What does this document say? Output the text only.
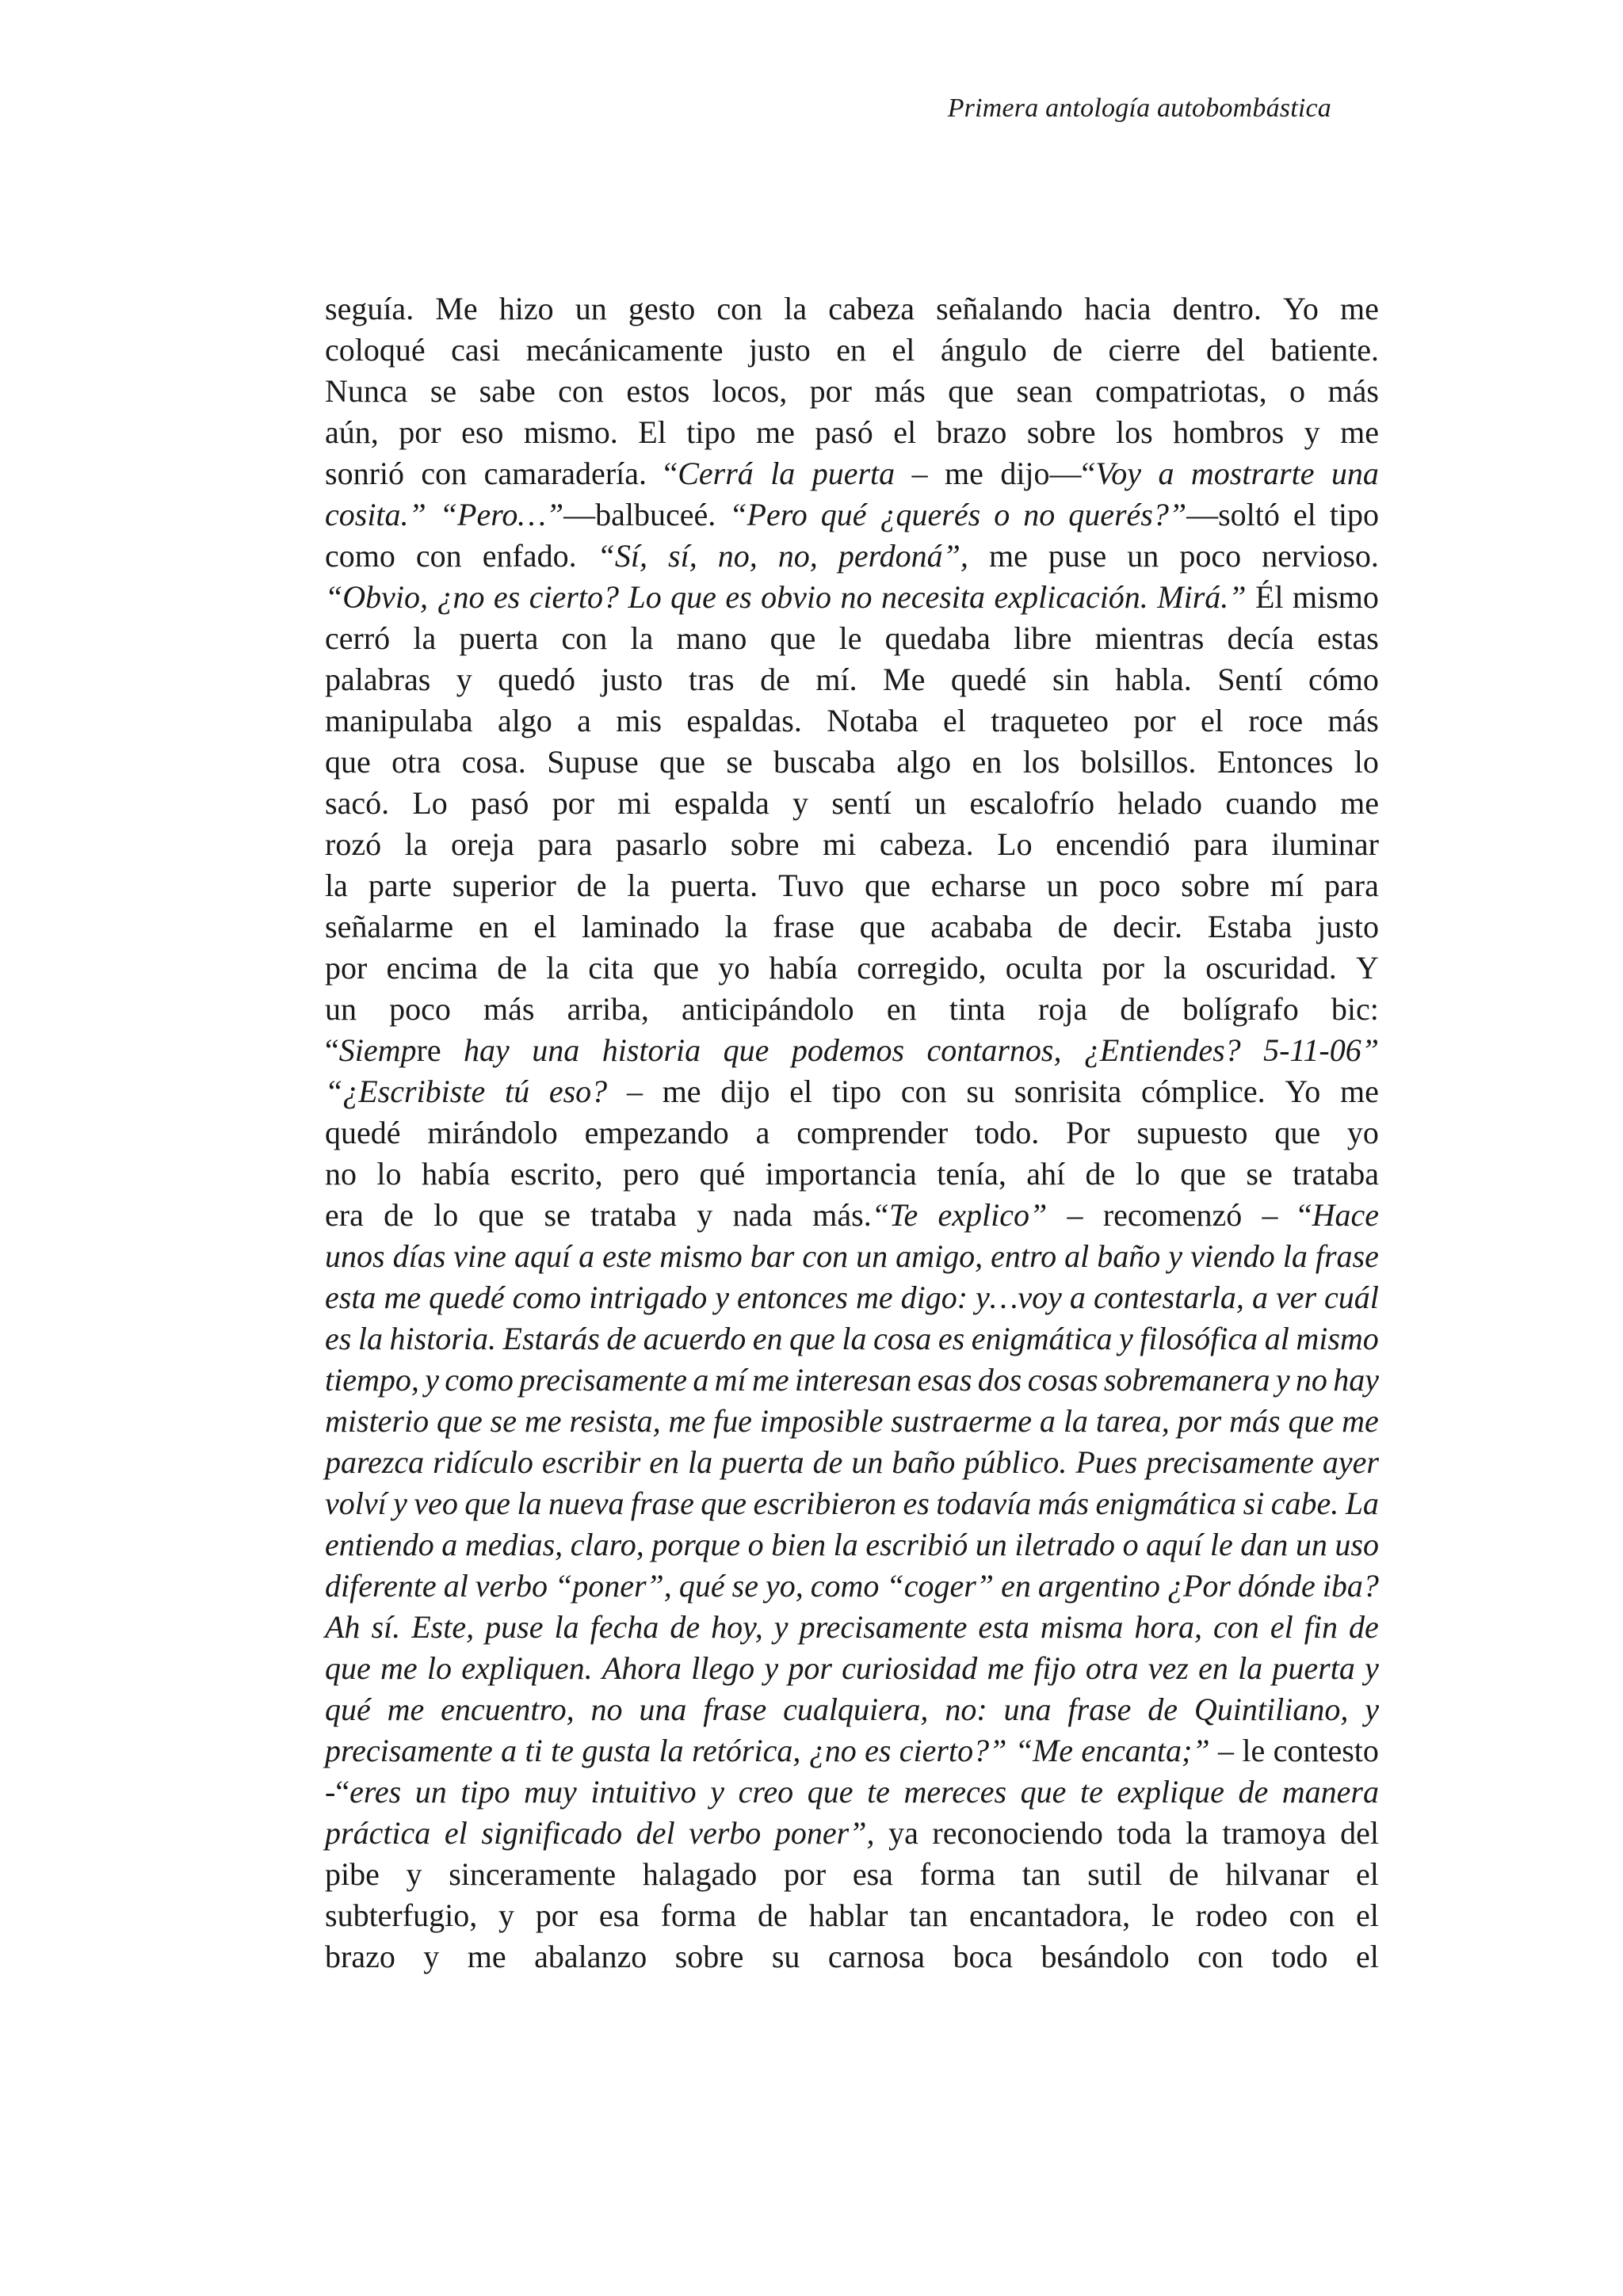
Primera antología autobombástica
seguía. Me hizo un gesto con la cabeza señalando hacia dentro. Yo me
coloqué casi mecánicamente justo en el ángulo de cierre del batiente.
Nunca se sabe con estos locos, por más que sean compatriotas, o más
aún, por eso mismo. El tipo me pasó el brazo sobre los hombros y me
sonrió con camaradería. “Cerrá la puerta – me dijo—“Voy a mostrarte una
cosita.” “Pero…”—balbuceé. “Pero qué ¿querés o no querés?”—soltó el tipo
como con enfado. “Sí, sí, no, no, perdoná”, me puse un poco nervioso.
“Obvio, ¿no es cierto? Lo que es obvio no necesita explicación. Mirá.” Él mismo
cerró la puerta con la mano que le quedaba libre mientras decía estas
palabras y quedó justo tras de mí. Me quedé sin habla. Sentí cómo
manipulaba algo a mis espaldas. Notaba el traqueteo por el roce más
que otra cosa. Supuse que se buscaba algo en los bolsillos. Entonces lo
sacó. Lo pasó por mi espalda y sentí un escalofrío helado cuando me
rozó la oreja para pasarlo sobre mi cabeza. Lo encendió para iluminar
la parte superior de la puerta. Tuvo que echarse un poco sobre mí para
señalarme en el laminado la frase que acababa de decir. Estaba justo
por encima de la cita que yo había corregido, oculta por la oscuridad. Y
un poco más arriba, anticipándolo en tinta roja de bolígrafo bic:
“Siempre hay una historia que podemos contarnos, ¿Entiendes? 5-11-06”
“¿Escribiste tú eso? – me dijo el tipo con su sonrisita cómplice. Yo me
quedé mirándolo empezando a comprender todo. Por supuesto que yo
no lo había escrito, pero qué importancia tenía, ahí de lo que se trataba
era de lo que se trataba y nada más.“Te explico” – recomenzó – “Hace
unos días vine aquí a este mismo bar con un amigo, entro al baño y viendo la frase
esta me quedé como intrigado y entonces me digo: y…voy a contestarla, a ver cuál
es la historia. Estarás de acuerdo en que la cosa es enigmática y filosófica al mismo
tiempo, y como precisamente a mí me interesan esas dos cosas sobremanera y no hay
misterio que se me resista, me fue imposible sustraerme a la tarea, por más que me
parezca ridículo escribir en la puerta de un baño público. Pues precisamente ayer
volví y veo que la nueva frase que escribieron es todavía más enigmática si cabe. La
entiendo a medias, claro, porque o bien la escribió un iletrado o aquí le dan un uso
diferente al verbo “poner”, qué se yo, como “coger” en argentino ¿Por dónde iba?
Ah sí. Este, puse la fecha de hoy, y precisamente esta misma hora, con el fin de
que me lo expliquen. Ahora llego y por curiosidad me fijo otra vez en la puerta y
qué me encuentro, no una frase cualquiera, no: una frase de Quintiliano, y
precisamente a ti te gusta la retórica, ¿no es cierto?” “Me encanta;” – le contesto
-“eres un tipo muy intuitivo y creo que te mereces que te explique de manera
práctica el significado del verbo poner”, ya reconociendo toda la tramoya del
pibe y sinceramente halagado por esa forma tan sutil de hilvanar el
subterfugio, y por esa forma de hablar tan encantadora, le rodeo con el
brazo y me abalanzo sobre su carnosa boca besándolo con todo el
